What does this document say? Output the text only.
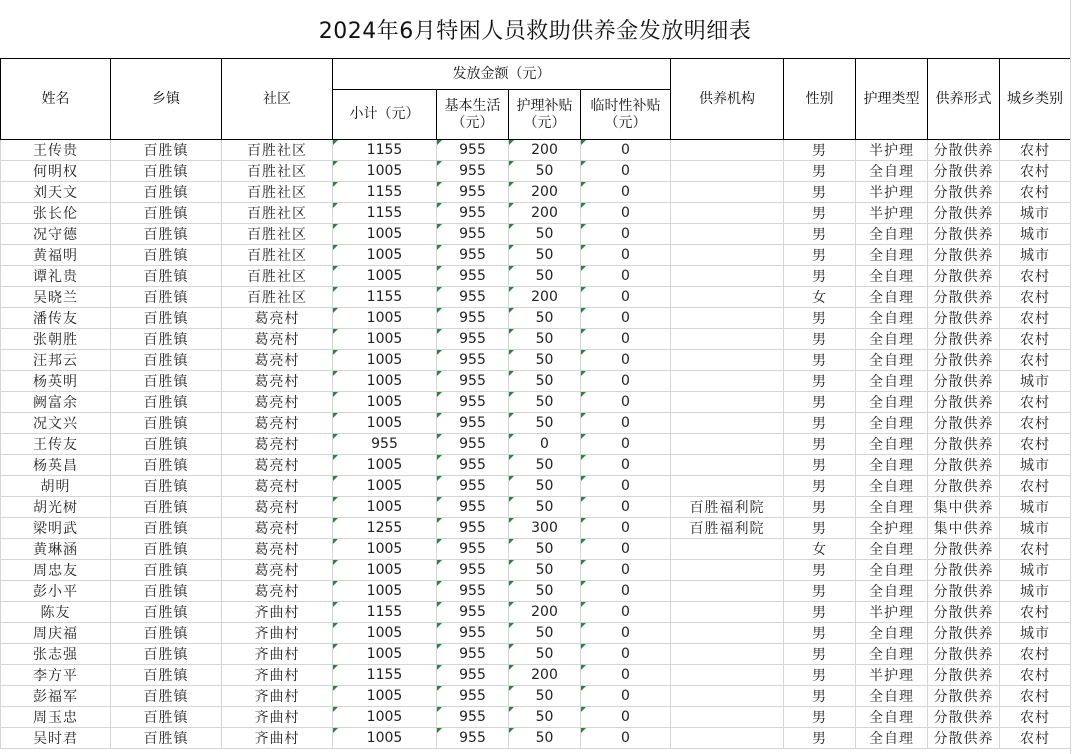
2024年6月特困人员救助供养金发放明细表
姓名	乡镇	社区	发放金额（元）				供养机构	性别	护理类型	供养形式	城乡类别
			小计（元）	基本生活（元）	护理补贴（元）	临时性补贴（元）					
王传贵	百胜镇	百胜社区	1155	955	200	0		男	半护理	分散供养	农村
何明权	百胜镇	百胜社区	1005	955	50	0		男	全自理	分散供养	农村
刘天文	百胜镇	百胜社区	1155	955	200	0		男	半护理	分散供养	农村
张长伦	百胜镇	百胜社区	1155	955	200	0		男	半护理	分散供养	城市
况守德	百胜镇	百胜社区	1005	955	50	0		男	全自理	分散供养	城市
黄福明	百胜镇	百胜社区	1005	955	50	0		男	全自理	分散供养	城市
谭礼贵	百胜镇	百胜社区	1005	955	50	0		男	全自理	分散供养	农村
吴晓兰	百胜镇	百胜社区	1155	955	200	0		女	全自理	分散供养	农村
潘传友	百胜镇	葛亮村	1005	955	50	0		男	全自理	分散供养	农村
张朝胜	百胜镇	葛亮村	1005	955	50	0		男	全自理	分散供养	农村
汪邦云	百胜镇	葛亮村	1005	955	50	0		男	全自理	分散供养	农村
杨英明	百胜镇	葛亮村	1005	955	50	0		男	全自理	分散供养	城市
阙富余	百胜镇	葛亮村	1005	955	50	0		男	全自理	分散供养	农村
况文兴	百胜镇	葛亮村	1005	955	50	0		男	全自理	分散供养	农村
王传友	百胜镇	葛亮村	955	955	0	0		男	全自理	分散供养	农村
杨英昌	百胜镇	葛亮村	1005	955	50	0		男	全自理	分散供养	城市
胡明	百胜镇	葛亮村	1005	955	50	0		男	全自理	分散供养	农村
胡光树	百胜镇	葛亮村	1005	955	50	0	百胜福利院	男	全自理	集中供养	城市
梁明武	百胜镇	葛亮村	1255	955	300	0	百胜福利院	男	全护理	集中供养	城市
黄琳涵	百胜镇	葛亮村	1005	955	50	0		女	全自理	分散供养	农村
周忠友	百胜镇	葛亮村	1005	955	50	0		男	全自理	分散供养	城市
彭小平	百胜镇	葛亮村	1005	955	50	0		男	全自理	分散供养	城市
陈友	百胜镇	齐曲村	1155	955	200	0		男	半护理	分散供养	农村
周庆福	百胜镇	齐曲村	1005	955	50	0		男	全自理	分散供养	城市
张志强	百胜镇	齐曲村	1005	955	50	0		男	全自理	分散供养	农村
李方平	百胜镇	齐曲村	1155	955	200	0		男	半护理	分散供养	农村
彭福军	百胜镇	齐曲村	1005	955	50	0		男	全自理	分散供养	农村
周玉忠	百胜镇	齐曲村	1005	955	50	0		男	全自理	分散供养	农村
吴时君	百胜镇	齐曲村	1005	955	50	0		男	全自理	分散供养	农村
